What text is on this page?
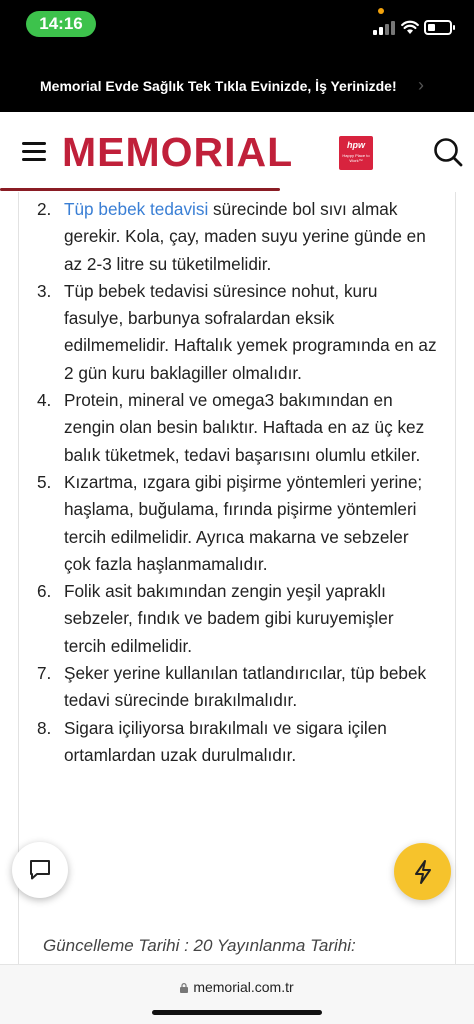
14:16
Memorial Evde Sağlık Tek Tıkla Evinizde, İş Yerinizde! ›
MEMORIAL	hpw
Happy Place to Work™
2. Tüp bebek tedavisi sürecinde bol sıvı almak gerekir. Kola, çay, maden suyu yerine günde en az 2-3 litre su tüketilmelidir.
3. Tüp bebek tedavisi süresince nohut, kuru fasulye, barbunya sofralardan eksik edilmemelidir. Haftalık yemek programında en az 2 gün kuru baklagiller olmalıdır.
4. Protein, mineral ve omega3 bakımından en zengin olan besin balıktır. Haftada en az üç kez balık tüketmek, tedavi başarısını olumlu etkiler.
5. Kızartma, ızgara gibi pişirme yöntemleri yerine; haşlama, buğulama, fırında pişirme yöntemleri tercih edilmelidir. Ayrıca makarna ve sebzeler çok fazla haşlanmamalıdır.
6. Folik asit bakımından zengin yeşil yapraklı sebzeler, fındık ve badem gibi kuruyemişler tercih edilmelidir.
7. Şeker yerine kullanılan tatlandırıcılar, tüp bebek tedavi sürecinde bırakılmalıdır.
8. Sigara içiliyorsa bırakılmalı ve sigara içilen ortamlardan uzak durulmalıdır.
Güncelleme Tarihi : 20 Yayınlanma Tarihi:
memorial.com.tr
